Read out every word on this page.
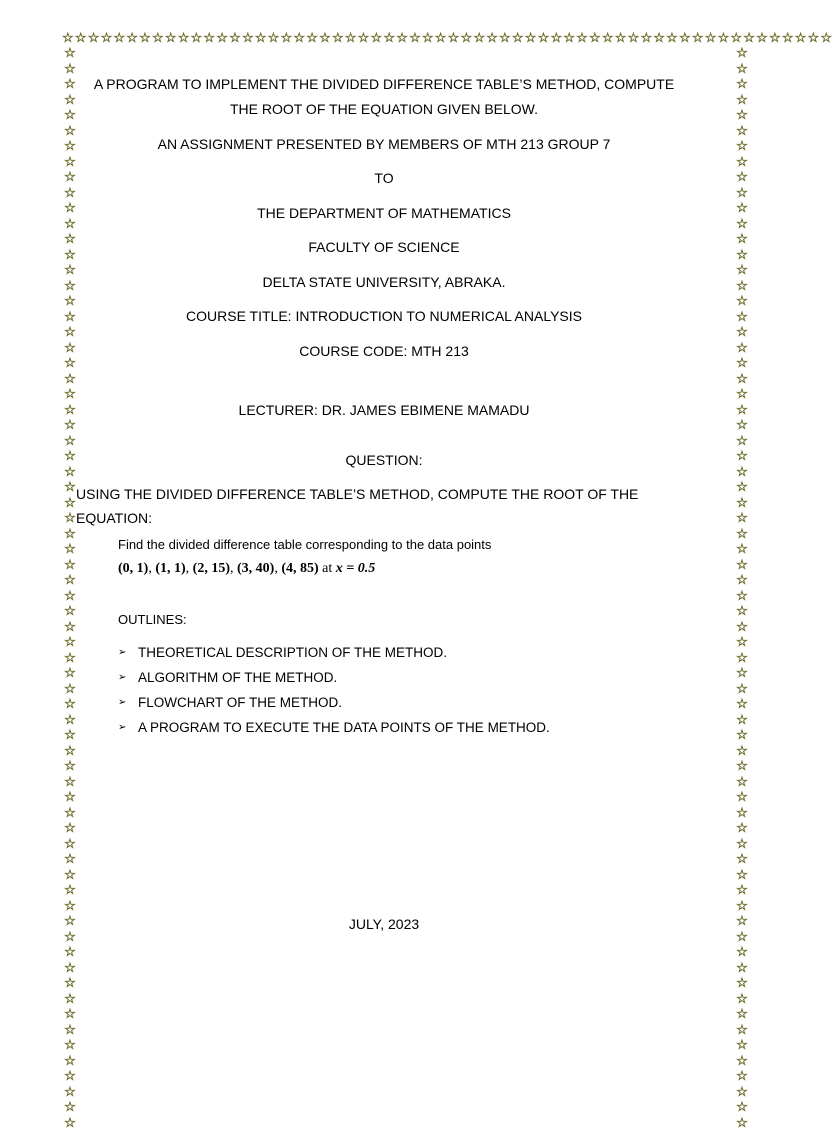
☆☆☆☆☆☆☆☆☆☆☆☆☆☆☆☆☆☆☆☆☆☆☆☆☆☆☆☆☆☆☆☆☆☆☆☆☆☆☆☆☆☆☆☆☆☆☆☆☆☆☆☆☆☆☆☆☆☆☆☆
☆☆☆☆☆☆☆☆☆☆☆☆☆☆☆☆☆☆☆☆☆☆☆☆☆☆☆☆☆☆☆☆☆☆☆☆☆☆☆☆☆☆☆☆☆☆☆☆☆☆☆☆☆☆☆☆☆☆☆☆☆☆☆☆☆☆☆☆☆☆
☆☆☆☆☆☆☆☆☆☆☆☆☆☆☆☆☆☆☆☆☆☆☆☆☆☆☆☆☆☆☆☆☆☆☆☆☆☆☆☆☆☆☆☆☆☆☆☆☆☆☆☆☆☆☆☆☆☆☆☆☆☆☆☆☆☆☆☆☆☆
A PROGRAM TO IMPLEMENT THE DIVIDED DIFFERENCE TABLE’S METHOD, COMPUTE
THE ROOT OF THE EQUATION GIVEN BELOW.
AN ASSIGNMENT PRESENTED BY MEMBERS OF MTH 213 GROUP 7
TO
THE DEPARTMENT OF MATHEMATICS
FACULTY OF SCIENCE
DELTA STATE UNIVERSITY, ABRAKA.
COURSE TITLE: INTRODUCTION TO NUMERICAL ANALYSIS
COURSE CODE: MTH 213
LECTURER: DR. JAMES EBIMENE MAMADU
QUESTION:
USING THE DIVIDED DIFFERENCE TABLE’S METHOD, COMPUTE THE ROOT OF THE
EQUATION:
Find the divided difference table corresponding to the data points
(0, 1), (1, 1), (2, 15), (3, 40), (4, 85) at x = 0.5
OUTLINES:
➢ THEORETICAL DESCRIPTION OF THE METHOD.
➢ ALGORITHM OF THE METHOD.
➢ FLOWCHART OF THE METHOD.
➢ A PROGRAM TO EXECUTE THE DATA POINTS OF THE METHOD.
JULY, 2023
